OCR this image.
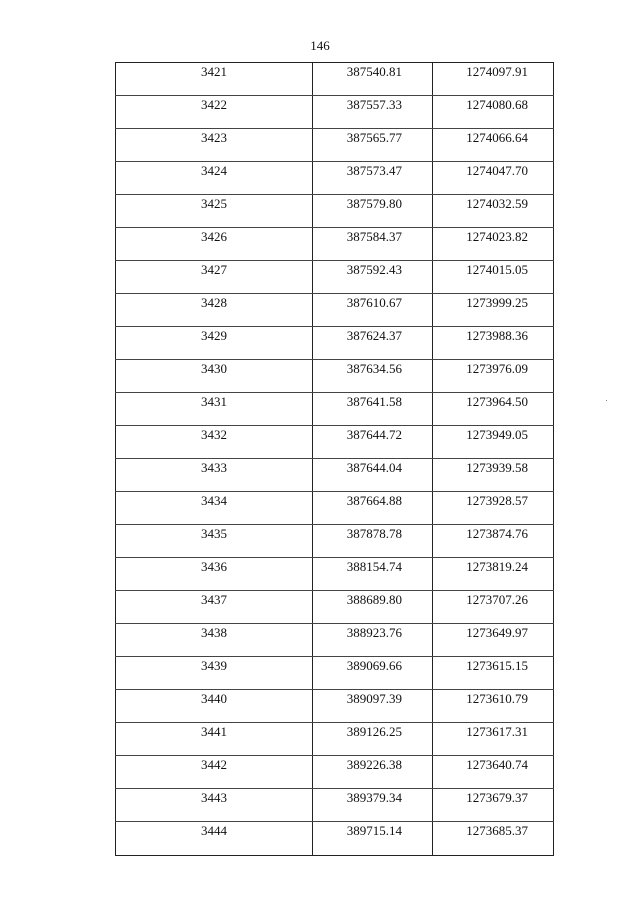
146
3421	387540.81	1274097.91
3422	387557.33	1274080.68
3423	387565.77	1274066.64
3424	387573.47	1274047.70
3425	387579.80	1274032.59
3426	387584.37	1274023.82
3427	387592.43	1274015.05
3428	387610.67	1273999.25
3429	387624.37	1273988.36
3430	387634.56	1273976.09
3431	387641.58	1273964.50
3432	387644.72	1273949.05
3433	387644.04	1273939.58
3434	387664.88	1273928.57
3435	387878.78	1273874.76
3436	388154.74	1273819.24
3437	388689.80	1273707.26
3438	388923.76	1273649.97
3439	389069.66	1273615.15
3440	389097.39	1273610.79
3441	389126.25	1273617.31
3442	389226.38	1273640.74
3443	389379.34	1273679.37
3444	389715.14	1273685.37
